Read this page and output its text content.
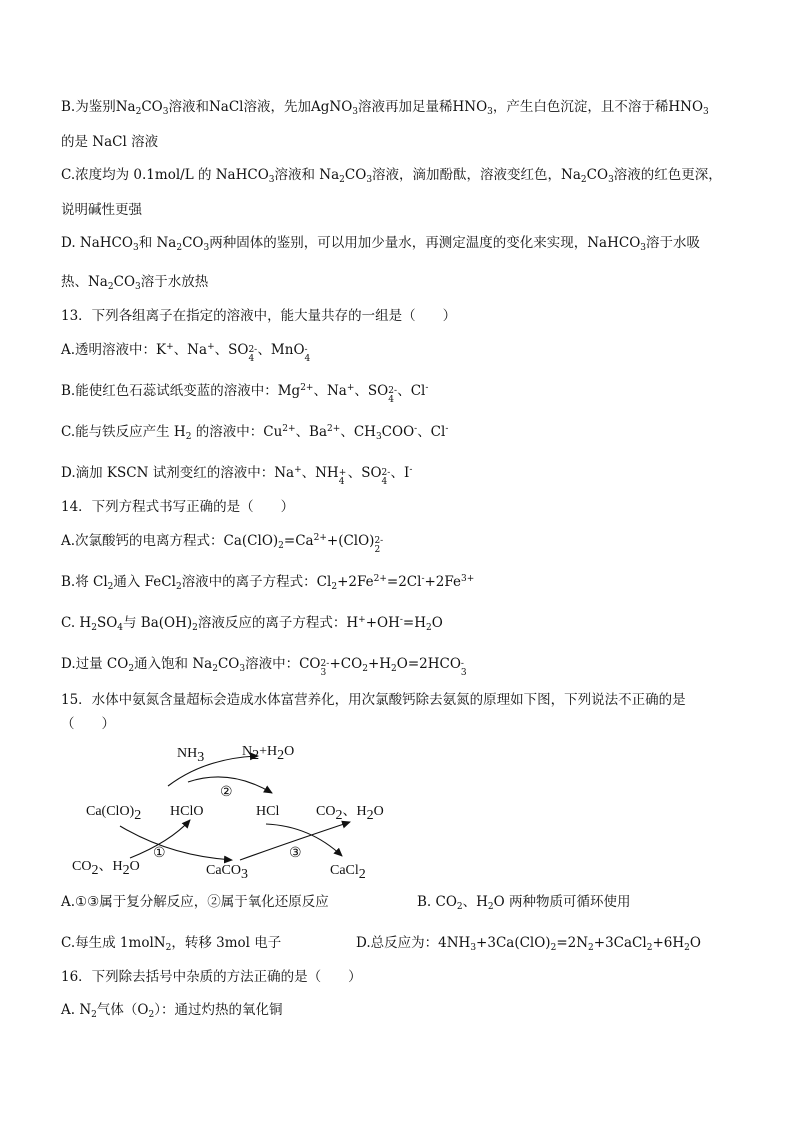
B.为鉴别$Na_2CO_3$溶液和NaCl溶液，先加AgNO$_3$溶液再加足量稀$HNO_3$，产生白色沉淀，且不溶于稀$HNO_3$
的是 NaCl 溶液
C.浓度均为 0.1mol/L 的 NaHCO$_3$溶液和 $Na_2CO_3$溶液，滴加酚酞，溶液变红色，$Na_2CO_3$溶液的红色更深，
说明碱性更强
D. NaHCO$_3$和 $Na_2CO_3$两种固体的鉴别，可以用加少量水，再测定温度的变化来实现，NaHCO$_3$溶于水吸
热、$Na_2CO_3$溶于水放热
13．下列各组离子在指定的溶液中，能大量共存的一组是（　　）
A.透明溶液中：K+、Na+、SO 2-
4
、MnO -
4
B.能使红色石蕊试纸变蓝的溶液中：$Mg^{2+}$、Na+、SO 2-
4
、Cl-
C.能与铁反应产生 $H_2$ 的溶液中：$Cu^{2+}$、$Ba^{2+}$、$CH_3COO^-$、Cl-
D.滴加 KSCN 试剂变红的溶液中：Na+、NH +
4
、SO 2-
4
、I-
14．下列方程式书写正确的是（　　）
A.次氯酸钙的电离方程式：$Ca(ClO)_2=Ca^{2+}+(ClO)$ 2-
2
B.将 $Cl_2$通入 FeCl$_2$溶液中的离子方程式：$Cl_2+2Fe^{2+}=2Cl^-+2Fe^{3+}$
C. $H_2SO_4$与 $Ba(OH)_2$溶液反应的离子方程式：$H^++OH^-=H_2O$
D.过量 $CO_2$通入饱和 $Na_2CO_3$溶液中：CO 2-
3
$+CO_2+H_2O=2HCO$ -
3
15．水体中氨氮含量超标会造成水体富营养化，用次氯酸钙除去氨氮的原理如下图，下列说法不正确的是
（　　）
NH3	N2+H2O
Ca(ClO)2 HClO	HCl	CO2、H2O
CO2、H2O	CaCO3	CaCl2
①
②
③
A.①③属于复分解反应，②属于氧化还原反应	B. $CO_2$、$H_2O$ 两种物质可循环使用
C.每生成 1molN$_2$，转移 3mol 电子	D.总反应为：$4NH_3+3Ca(ClO)_2=2N_2+3CaCl_2+6H_2O$
16．下列除去括号中杂质的方法正确的是（　　）
A. $N_2$气体$(O_2)$：通过灼热的氧化铜
